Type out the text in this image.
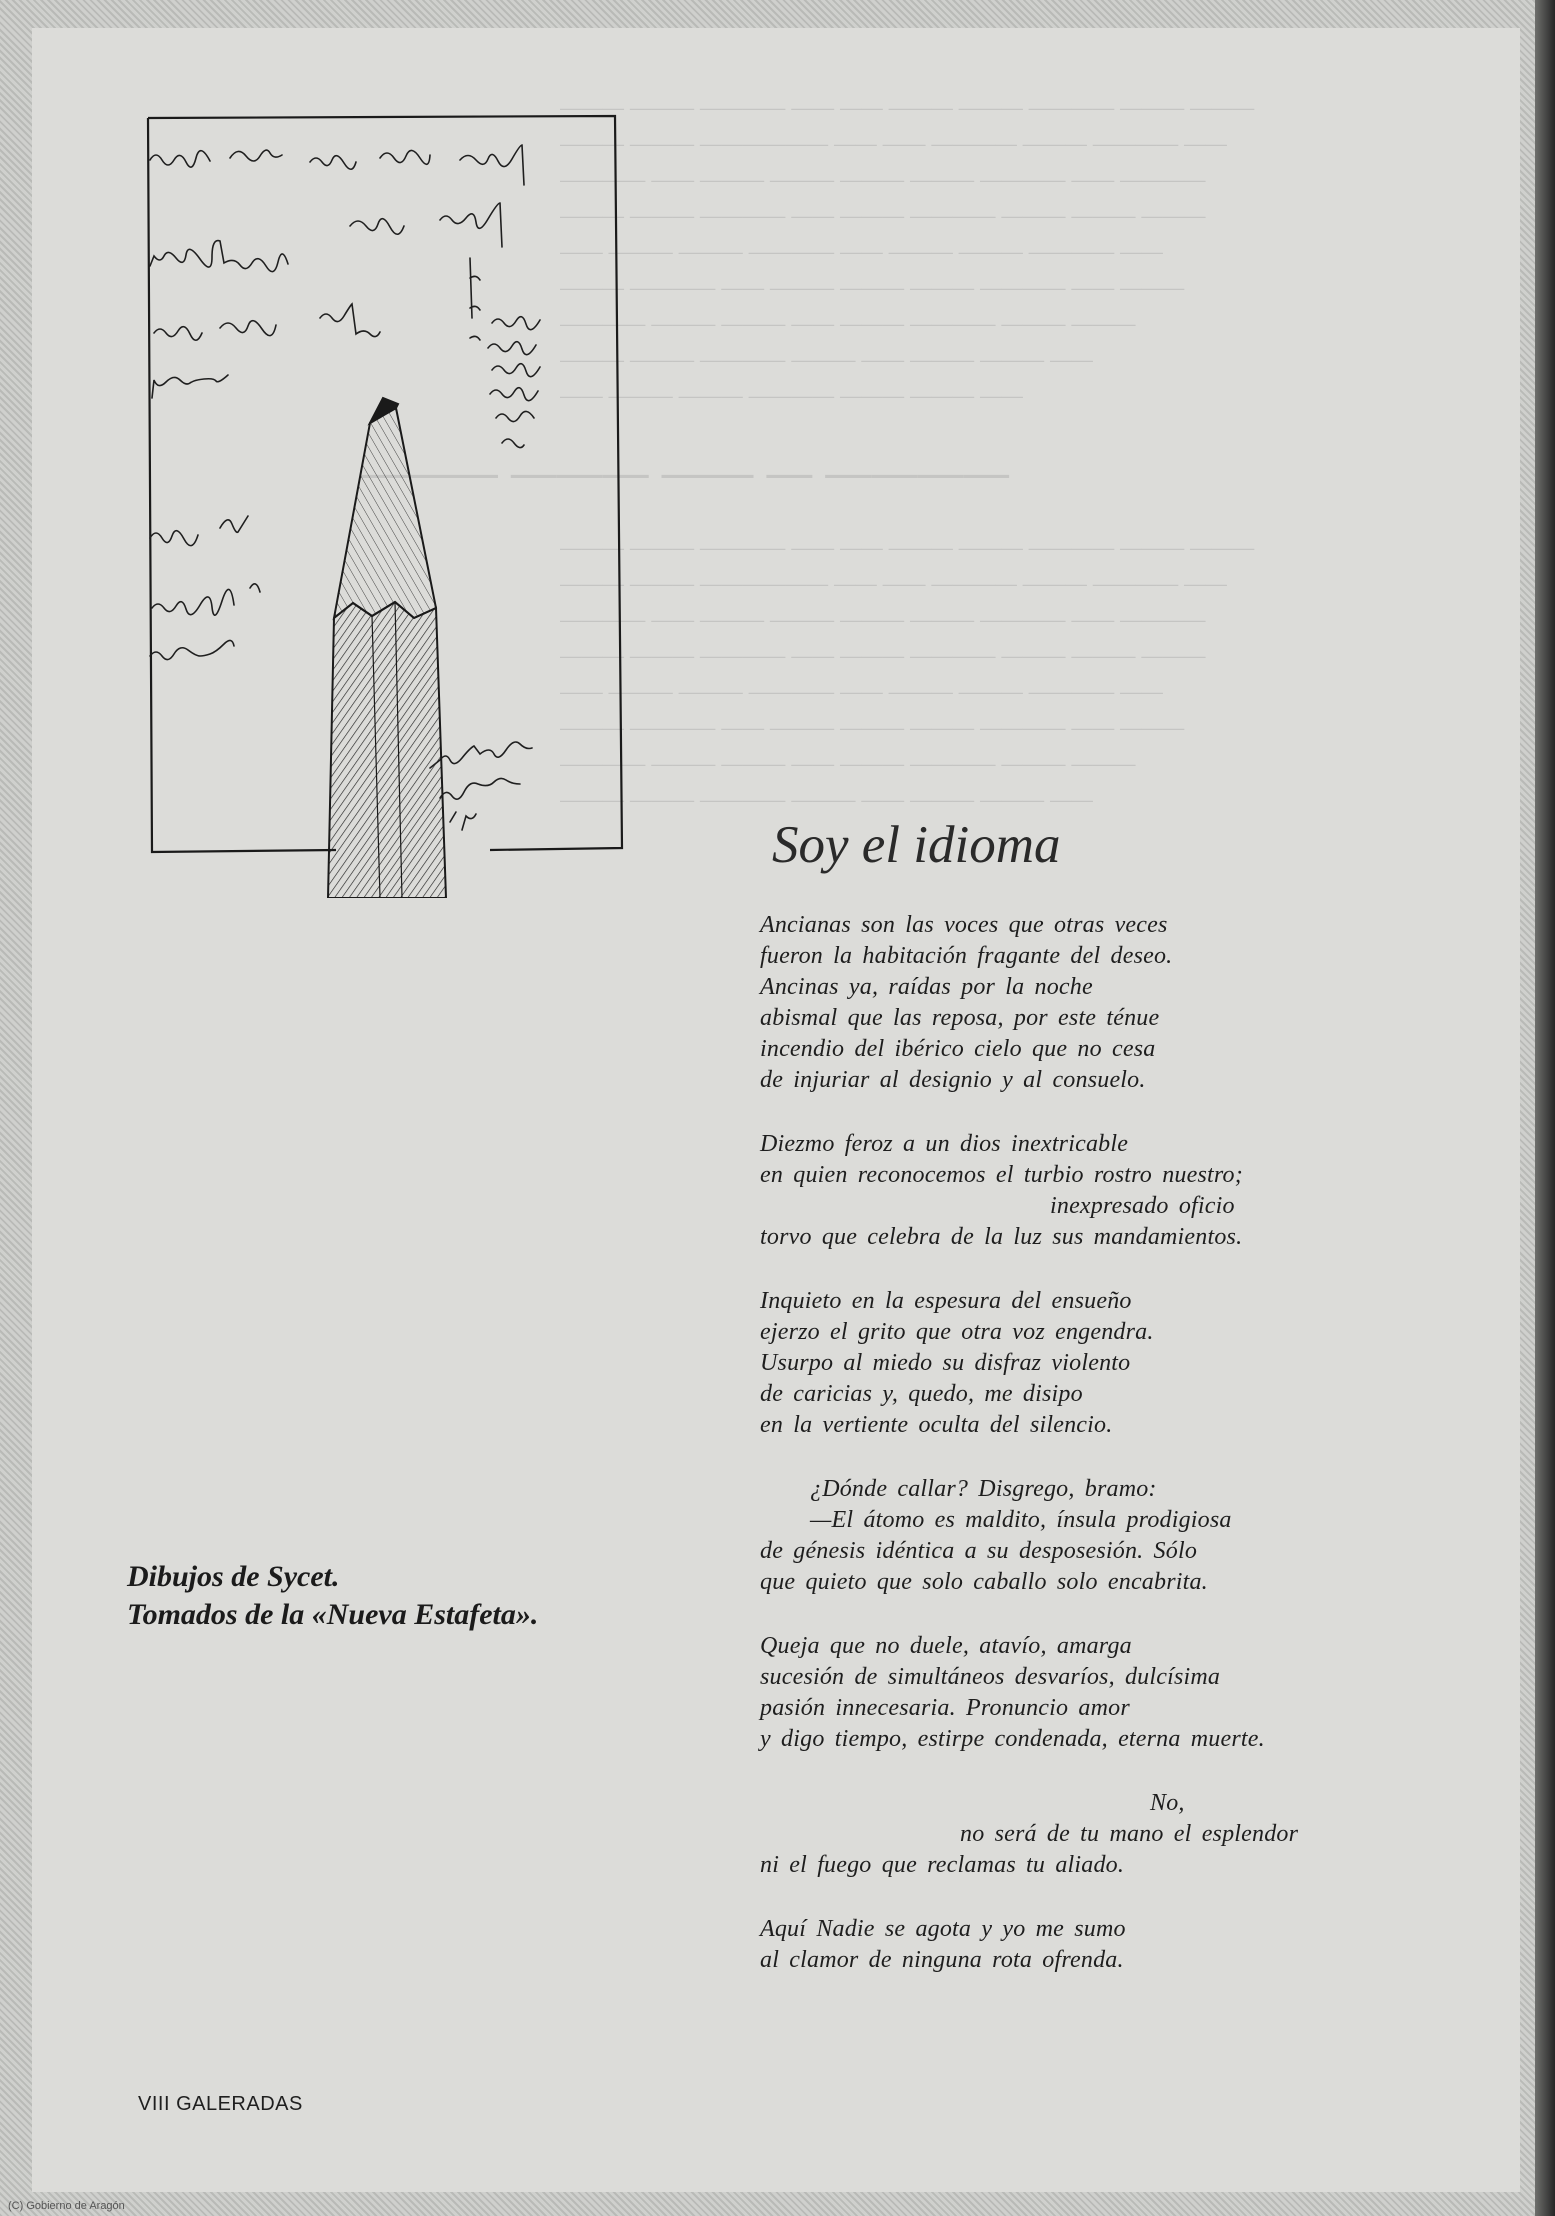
Soy el idioma
Ancianas son las voces que otras veces
fueron la habitación fragante del deseo.
Ancinas ya, raídas por la noche
abismal que las reposa, por este ténue
incendio del ibérico cielo que no cesa
de injuriar al designio y al consuelo.
Diezmo feroz a un dios inextricable
en quien reconocemos el turbio rostro nuestro;
inexpresado oficio
torvo que celebra de la luz sus mandamientos.
Inquieto en la espesura del ensueño
ejerzo el grito que otra voz engendra.
Usurpo al miedo su disfraz violento
de caricias y, quedo, me disipo
en la vertiente oculta del silencio.
¿Dónde callar? Disgrego, bramo:
—El átomo es maldito, ínsula prodigiosa
de génesis idéntica a su desposesión. Sólo
que quieto que solo caballo solo encabrita.
Queja que no duele, atavío, amarga
sucesión de simultáneos desvaríos, dulcísima
pasión innecesaria. Pronuncio amor
y digo tiempo, estirpe condenada, eterna muerte.
No,
no será de tu mano el esplendor
ni el fuego que reclamas tu aliado.
Aquí Nadie se agota y yo me sumo
al clamor de ninguna rota ofrenda.
Dibujos de Sycet.
Tomados de la «Nueva Estafeta».
VIII GALERADAS
(C) Gobierno de Aragón
